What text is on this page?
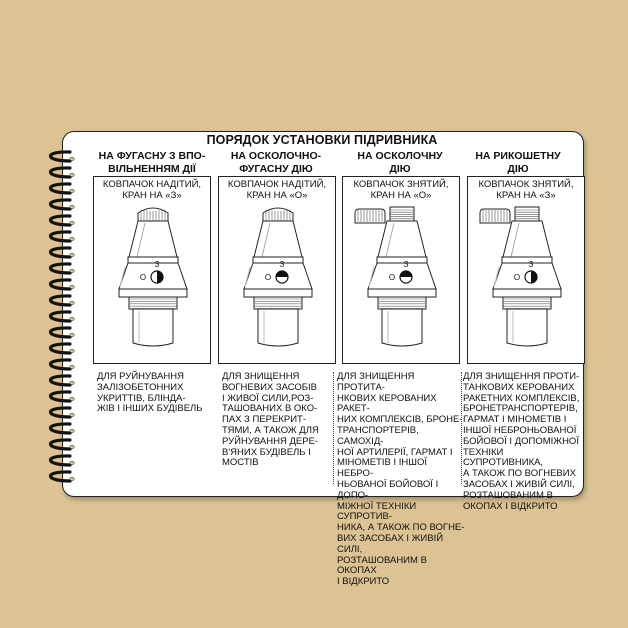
ПОРЯДОК УСТАНОВКИ ПІДРИВНИКА
НА ФУГАСНУ З ВПО-
ВІЛЬНЕННЯМ ДІЇ
КОВПАЧОК НАДІТИЙ,
КРАН НА «З»
З
О
ДЛЯ РУЙНУВАННЯ
ЗАЛІЗОБЕТОННИХ
УКРИТТІВ, БЛІНДА-
ЖІВ І ІНШИХ БУДІВЕЛЬ
НА ОСКОЛОЧНО-
ФУГАСНУ ДІЮ
КОВПАЧОК НАДІТИЙ,
КРАН НА «О»
З
О
ДЛЯ ЗНИЩЕННЯ
ВОГНЕВИХ ЗАСОБІВ
І ЖИВОЇ СИЛИ,РОЗ-
ТАШОВАНИХ В ОКО-
ПАХ З ПЕРЕКРИТ-
ТЯМИ, А ТАКОЖ ДЛЯ
РУЙНУВАННЯ ДЕРЕ-
В'ЯНИХ БУДІВЕЛЬ І
МОСТІВ
НА ОСКОЛОЧНУ
ДІЮ
КОВПАЧОК ЗНЯТИЙ,
КРАН НА «О»
З
О
ДЛЯ ЗНИЩЕННЯ ПРОТИТА-
НКОВИХ КЕРОВАНИХ РАКЕТ-
НИХ КОМПЛЕКСІВ, БРОНЕ-
ТРАНСПОРТЕРІВ, САМОХІД-
НОЇ АРТИЛЕРІЇ, ГАРМАТ І
МІНОМЕТІВ І ІНШОЇ НЕБРО-
НЬОВАНОЇ БОЙОВОЇ І ДОПО-
МІЖНОЇ ТЕХНІКИ СУПРОТИВ-
НИКА, А ТАКОЖ ПО ВОГНЕ-
ВИХ ЗАСОБАХ І ЖИВІЙ СИЛІ,
РОЗТАШОВАНИМ В ОКОПАХ
І ВІДКРИТО
НА РИКОШЕТНУ
ДІЮ
КОВПАЧОК ЗНЯТИЙ,
КРАН НА «З»
З
О
ДЛЯ ЗНИЩЕННЯ ПРОТИ-
ТАНКОВИХ КЕРОВАНИХ
РАКЕТНИХ КОМПЛЕКСІВ,
БРОНЕТРАНСПОРТЕРІВ,
ГАРМАТ І МІНОМЕТІВ І
ІНШОЇ НЕБРОНЬОВАНОЇ
БОЙОВОЇ І ДОПОМІЖНОЇ
ТЕХНІКИ СУПРОТИВНИКА,
А ТАКОЖ ПО ВОГНЕВИХ
ЗАСОБАХ І ЖИВІЙ СИЛІ,
РОЗТАШОВАНИМ В
ОКОПАХ І ВІДКРИТО
